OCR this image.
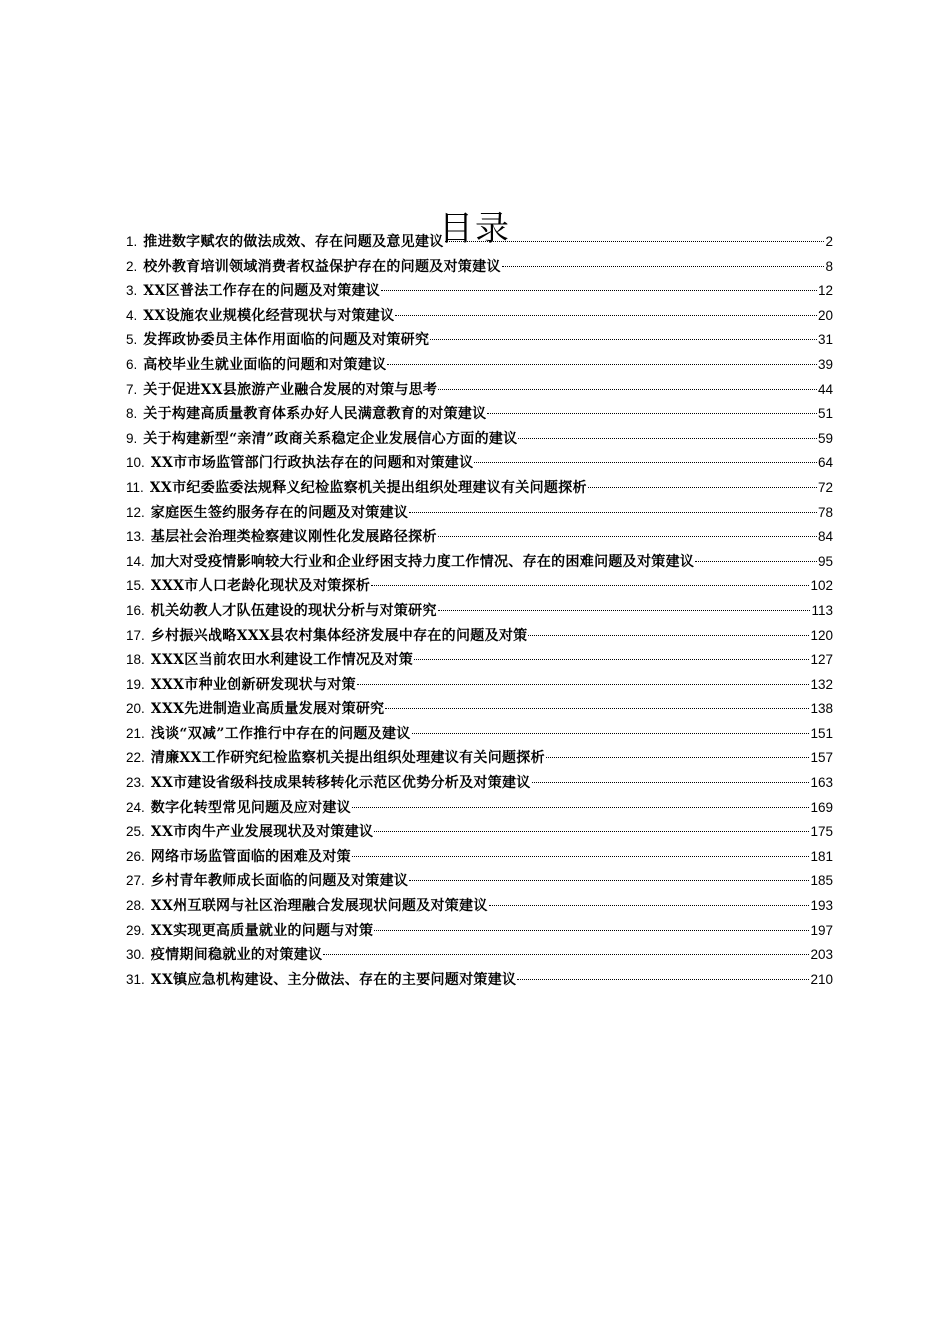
目录
1. 推进数字赋农的做法成效、存在问题及意见建议	2
2. 校外教育培训领域消费者权益保护存在的问题及对策建议	8
3. XX区普法工作存在的问题及对策建议	12
4. XX设施农业规模化经营现状与对策建议	20
5. 发挥政协委员主体作用面临的问题及对策研究	31
6. 高校毕业生就业面临的问题和对策建议	39
7. 关于促进XX县旅游产业融合发展的对策与思考	44
8. 关于构建高质量教育体系办好人民满意教育的对策建议	51
9. 关于构建新型“亲清”政商关系稳定企业发展信心方面的建议	59
10. XX市市场监管部门行政执法存在的问题和对策建议	64
11. XX市纪委监委法规释义纪检监察机关提出组织处理建议有关问题探析	72
12. 家庭医生签约服务存在的问题及对策建议	78
13. 基层社会治理类检察建议刚性化发展路径探析	84
14. 加大对受疫情影响较大行业和企业纾困支持力度工作情况、存在的困难问题及对策建议	95
15. XXX市人口老龄化现状及对策探析	102
16. 机关幼教人才队伍建设的现状分析与对策研究	113
17. 乡村振兴战略XXX县农村集体经济发展中存在的问题及对策	120
18. XXX区当前农田水利建设工作情况及对策	127
19. XXX市种业创新研发现状与对策	132
20. XXX先进制造业高质量发展对策研究	138
21. 浅谈“双减”工作推行中存在的问题及建议	151
22. 清廉XX工作研究纪检监察机关提出组织处理建议有关问题探析	157
23. XX市建设省级科技成果转移转化示范区优势分析及对策建议	163
24. 数字化转型常见问题及应对建议	169
25. XX市肉牛产业发展现状及对策建议	175
26. 网络市场监管面临的困难及对策	181
27. 乡村青年教师成长面临的问题及对策建议	185
28. XX州互联网与社区治理融合发展现状问题及对策建议	193
29. XX实现更高质量就业的问题与对策	197
30. 疫情期间稳就业的对策建议	203
31. XX镇应急机构建设、主分做法、存在的主要问题对策建议	210
